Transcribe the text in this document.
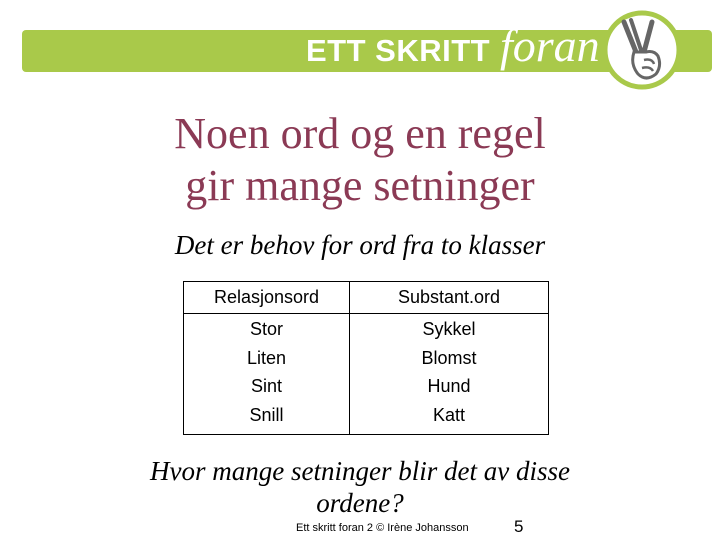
ETT SKRITT foran
Noen ord og en regel
gir mange setninger
Det er behov for ord fra to klasser
Relasjonsord	Substant.ord
Stor
Liten
Sint
Snill
Sykkel
Blomst
Hund
Katt
Hvor mange setninger blir det av disse
ordene?
Ett skritt foran 2 © Irène Johansson	5
